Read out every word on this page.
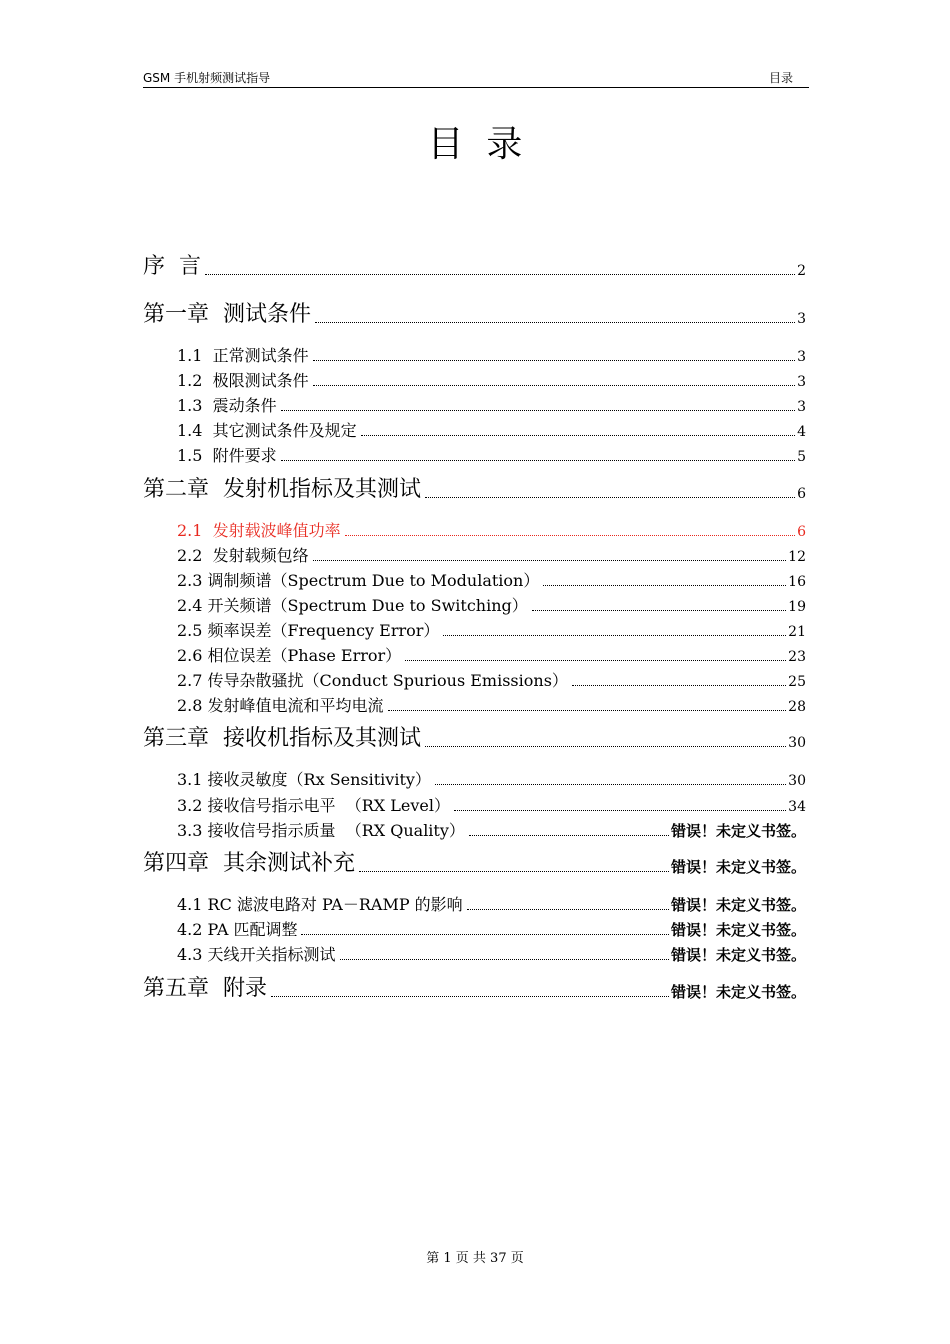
GSM 手机射频测试指导	目录
目  录
序  言	2
第一章  测试条件	3
1.1  正常测试条件	3
1.2  极限测试条件	3
1.3  震动条件	3
1.4  其它测试条件及规定	4
1.5  附件要求	5
第二章  发射机指标及其测试	6
2.1  发射载波峰值功率	6
2.2  发射载频包络	12
2.3 调制频谱（Spectrum Due to Modulation）	16
2.4 开关频谱（Spectrum Due to Switching）	19
2.5 频率误差（Frequency Error）	21
2.6 相位误差（Phase Error）	23
2.7 传导杂散骚扰（Conduct Spurious Emissions）	25
2.8 发射峰值电流和平均电流	28
第三章  接收机指标及其测试	30
3.1 接收灵敏度（Rx Sensitivity）	30
3.2 接收信号指示电平  （RX Level）	34
3.3 接收信号指示质量  （RX Quality）	错误！未定义书签。
第四章  其余测试补充	错误！未定义书签。
4.1 RC 滤波电路对 PA－RAMP 的影响	错误！未定义书签。
4.2 PA 匹配调整	错误！未定义书签。
4.3 天线开关指标测试	错误！未定义书签。
第五章  附录	错误！未定义书签。
第 1 页 共 37 页
